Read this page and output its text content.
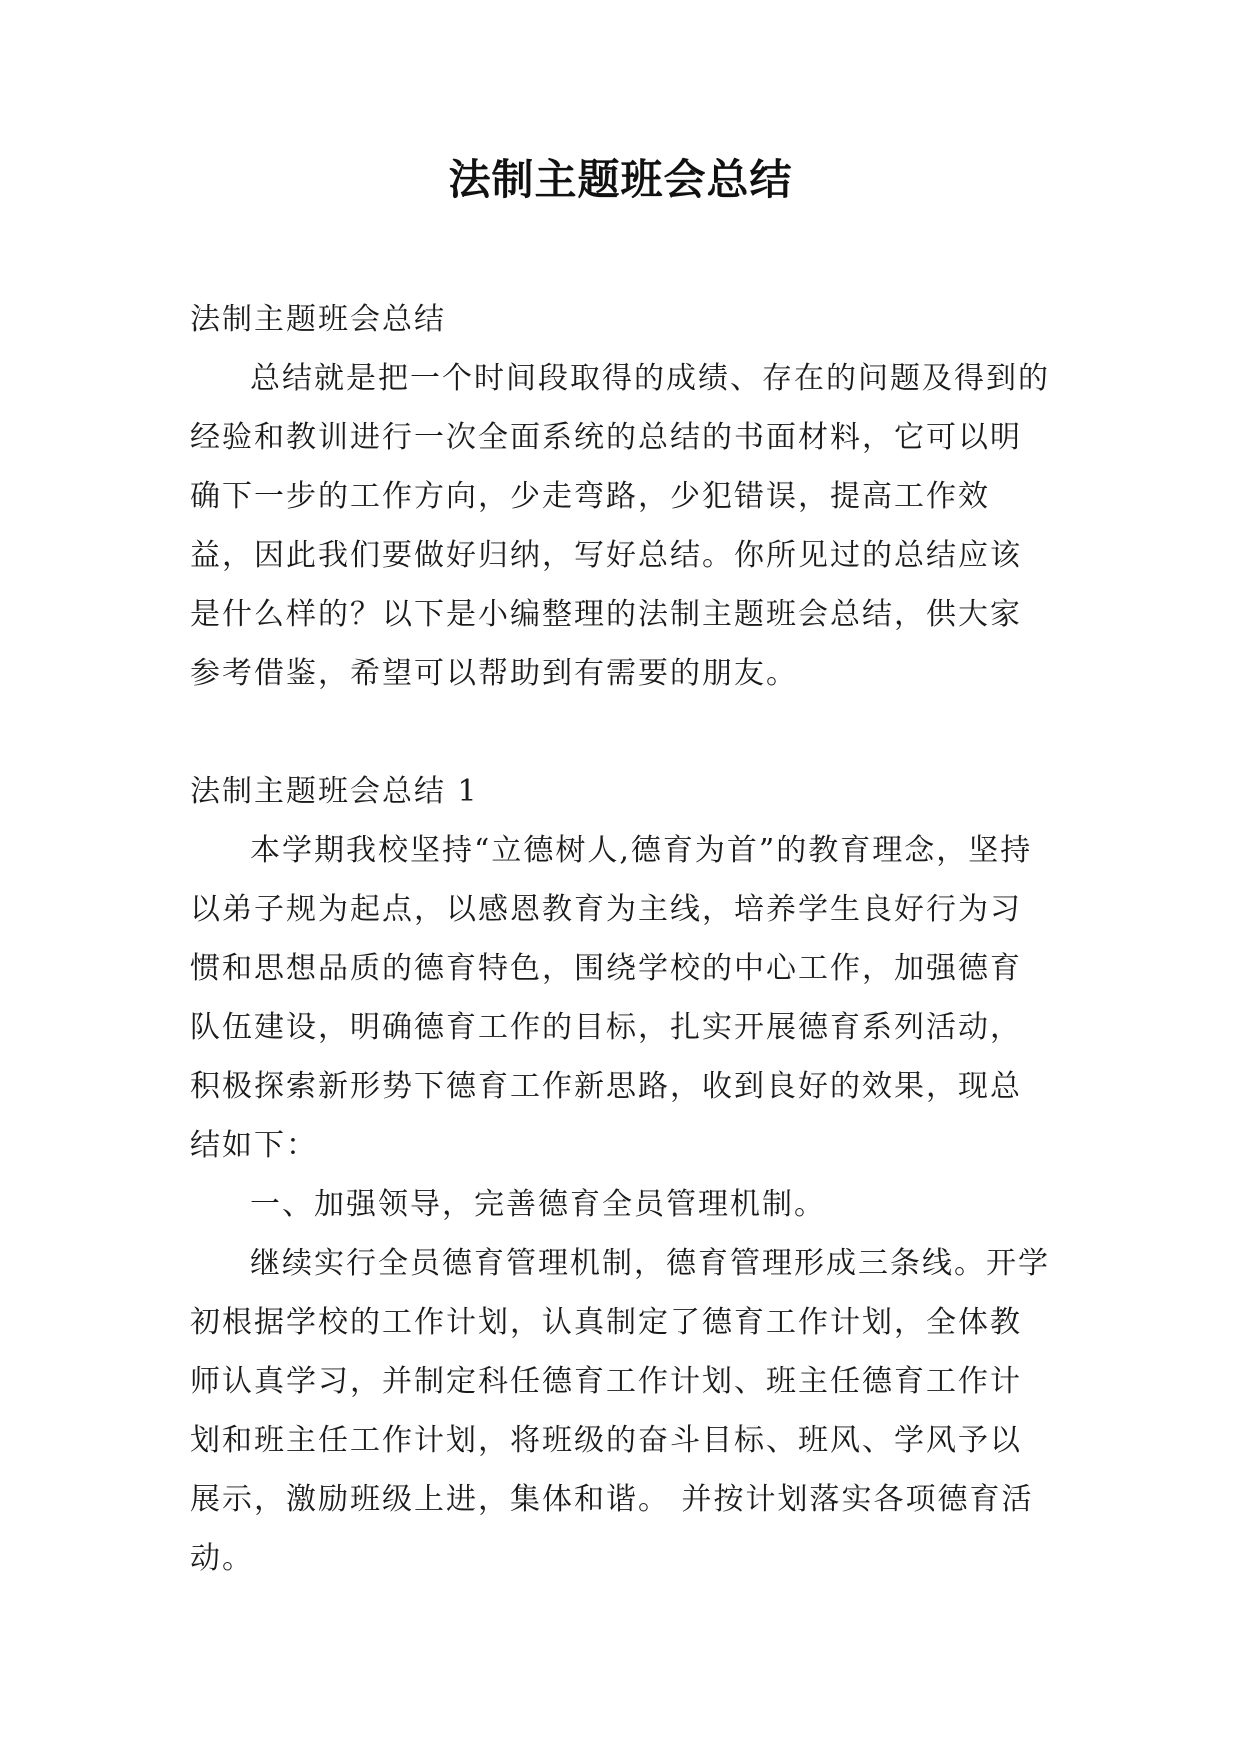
法制主题班会总结

法制主题班会总结

总结就是把一个时间段取得的成绩、存在的问题及得到的经验和教训进行一次全面系统的总结的书面材料，它可以明确下一步的工作方向，少走弯路，少犯错误，提高工作效益，因此我们要做好归纳，写好总结。你所见过的总结应该是什么样的？以下是小编整理的法制主题班会总结，供大家参考借鉴，希望可以帮助到有需要的朋友。

法制主题班会总结 1

本学期我校坚持“立德树人,德育为首”的教育理念，坚持以弟子规为起点，以感恩教育为主线，培养学生良好行为习惯和思想品质的德育特色，围绕学校的中心工作，加强德育队伍建设，明确德育工作的目标，扎实开展德育系列活动，积极探索新形势下德育工作新思路，收到良好的效果，现总结如下：

一、加强领导，完善德育全员管理机制。

继续实行全员德育管理机制，德育管理形成三条线。开学初根据学校的工作计划，认真制定了德育工作计划，全体教师认真学习，并制定科任德育工作计划、班主任德育工作计划和班主任工作计划，将班级的奋斗目标、班风、学风予以展示，激励班级上进，集体和谐。 并按计划落实各项德育活动。
